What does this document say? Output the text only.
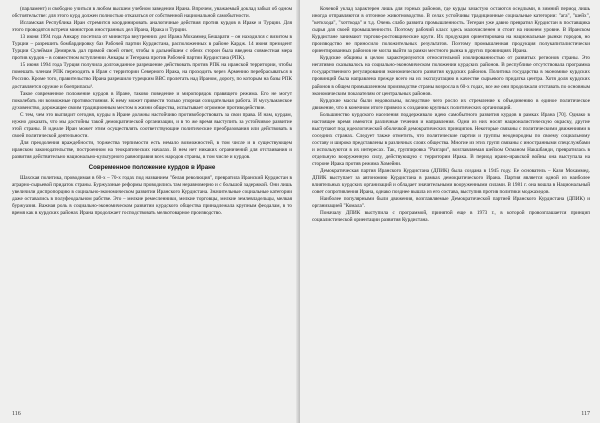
(парламент) и свободно учиться в любом высшем учебном заведении Ирана. Впрочем, уважаемый доклад забыл об одном обстоятельстве: для этого курд должен полностью отказаться от собственной национальной самобытности.

Исламская Республика Иран стремится координировать аналогичные действия против курдов в Ираке и Турции. Для этого проводятся встречи министров иностранных дел Ирана, Ирака и Турции.

13 июня 1994 года Анкару посетила от министра внутренних дел Ирана Мохаммед Бешарати – он находился с визитом в Турции – разрешить бомбардировку баз Рабочей партии Курдистана, расположенных в районе Кардж. 14 июня президент Турции Сулейман Демирель дал прямой своей ответ, чтобы в дальнейшем с обеих сторон была введена совместная мера против курдов – в совместном вступлении Анкары и Тегерана против Рабочей партии Курдистана (РПК).

15 июня 1994 года Турция получила долгожданное разрешение действовать против РПК на иранской территории, чтобы помешать членам РПК переходить в Иран с территории Северного Ирака, на проходить через Армению перебрасываться в Россию. Кроме того, правительство Ирана разрешило турецким ВВС пролетать над Ираном, дорогу, по которым на базы РПК доставляется оружие и боеприпасы¹.

Такое современное положение курдов в Иране, таково поведение и миропорядок правящего режима. Его не могут поколебать ни возможные противостояния. К нему может привести только упорная созидательная работа. И мусульманское духовенство, дорожащее своим традиционным местом в жизни общества, испытывает огромное противодействие.

С тем, чем это выглядит сегодня, курды в Иране должны настойчиво противоборствовать за свои права. И нам, курдам, нужно доказать, что мы достойны такой демократической организации, и в то же время выступить за устойчивое развитие этой страны. В идеале Иран может этим осуществлять соответствующие политические преобразования или действовать в своей политической деятельности.

Для преодоления враждебности, торжества терпимости есть немало возможностей, в том числе и в существующем иранском законодательстве, построенном на теократических началах. В нем нет никаких ограничений для отстаивания и развития действительно национально-культурного равноправия всех народов страны, в том числе и курдов.

Современное положение курдов в Иране

Шахская политика, проводимая в 60-х – 70-х годах под названием "белая революция", превратила Иранский Курдистан в аграрно-сырьевой придаток страны. Буржуазные реформы проводились там неравномерно и с большой задержкой. Они лишь увеличили диспропорцию в социально-экономическом развитии Иранского Курдистана. Значительные социальные категории даже оставались в полуфеодальном рабстве. Это – мелкие ремесленники, мелкие торговцы, мелкие землевладельцы, мелкая буржуазия. Важная роль в социально-экономическом развитии курдского общества принадлежала крупным феодалам, в то время как в курдских районах Ирана продолжает господствовать мелкотоварное производство.

116

Кочевой уклад характерен лишь для горных районов, где курды зачастую остаются оседлыми, в зимний период лишь иногда отправляются в отгонное животноводство. В селах устойчивы традиционные социальные категории: "ага", "шейх", "кеткхода", "хотткода" и т.д. Очень слабо развита промышленность. Тегеран уже давно превратил Курдистан в поставщика сырья для своей промышленности. Поэтому рабочий класс здесь малочисленен и стоит на нижнем уровне. В Иранском Курдистане занимают торгово-ростовщические круги. Их продукция ориентирована на национальные рынки городов, но производство не приносило положительных результатов. Поэтому промышленная продукция полукапиталистически ориентированных районов не могла выйти за рамки местного рынка в других провинциях Ирана.

Курдские общины в целом характеризуются относительной изолированностью от развитых регионов страны. Это негативно сказывалось на социально-экономическом положении курдских районов. В республике отсутствовала программа государственного регулирования экономического развития курдских районов. Политика государства в экономике курдских провинций была направлена прежде всего на их эксплуатацию в качестве сырьевого придатка центра. Хотя доля курдских районов в общем промышленном производстве страны возросла в 60-х годах, все же они продолжали отставать по основным экономическим показателям от центральных районов.

Курдские массы были недовольны, вследствие чего росло их стремление к объединению в единое политическое движение, что в конечном итоге привело к созданию крупных политических организаций.

Большинство курдского населения поддерживало идею самобытного развития курдов в рамках Ирана [70]. Однако в настоящее время имеются различные течения и направления. Одни из них носят националистическую окраску, другие выступают под идеологической оболочкой демократических принципов. Некоторые связаны с политическими движениями в соседних странах. Следует также отметить, что политические партии и группы неоднородны по своему социальному составу и широко представлены в различных слоях общества. Многие из этих групп связаны с иностранными спецслужбами и используются в их интересах. Так, группировка "Разгари", возглавляемая шейхом Османом Накшбанди, превратилась в отдельную вооруженную силу, действующую с территории Ирака. В период ирано-иракской войны она выступала на стороне Ирака против режима Хомейни.

Демократическая партия Иранского Курдистана (ДПИК) была создана в 1945 году. Ее основатель – Кази Мохаммед. ДПИК выступает за автономию Курдистана в рамках демократического Ирана. Партия является одной из наиболее влиятельных курдских организаций и обладает значительными вооруженными силами. В 1981 г. она вошла в Национальный совет сопротивления Ирана, однако позднее вышла из его состава, выступив против политики моджахедов.

Наиболее популярными были движения, возглавляемые Демократической партией Иранского Курдистана (ДПИК) и организацией "Комала".

Поначалу ДПИК выступила с программой, принятой еще в 1973 г., в которой провозглашается принцип социалистической ориентации развития Курдистана.

117
